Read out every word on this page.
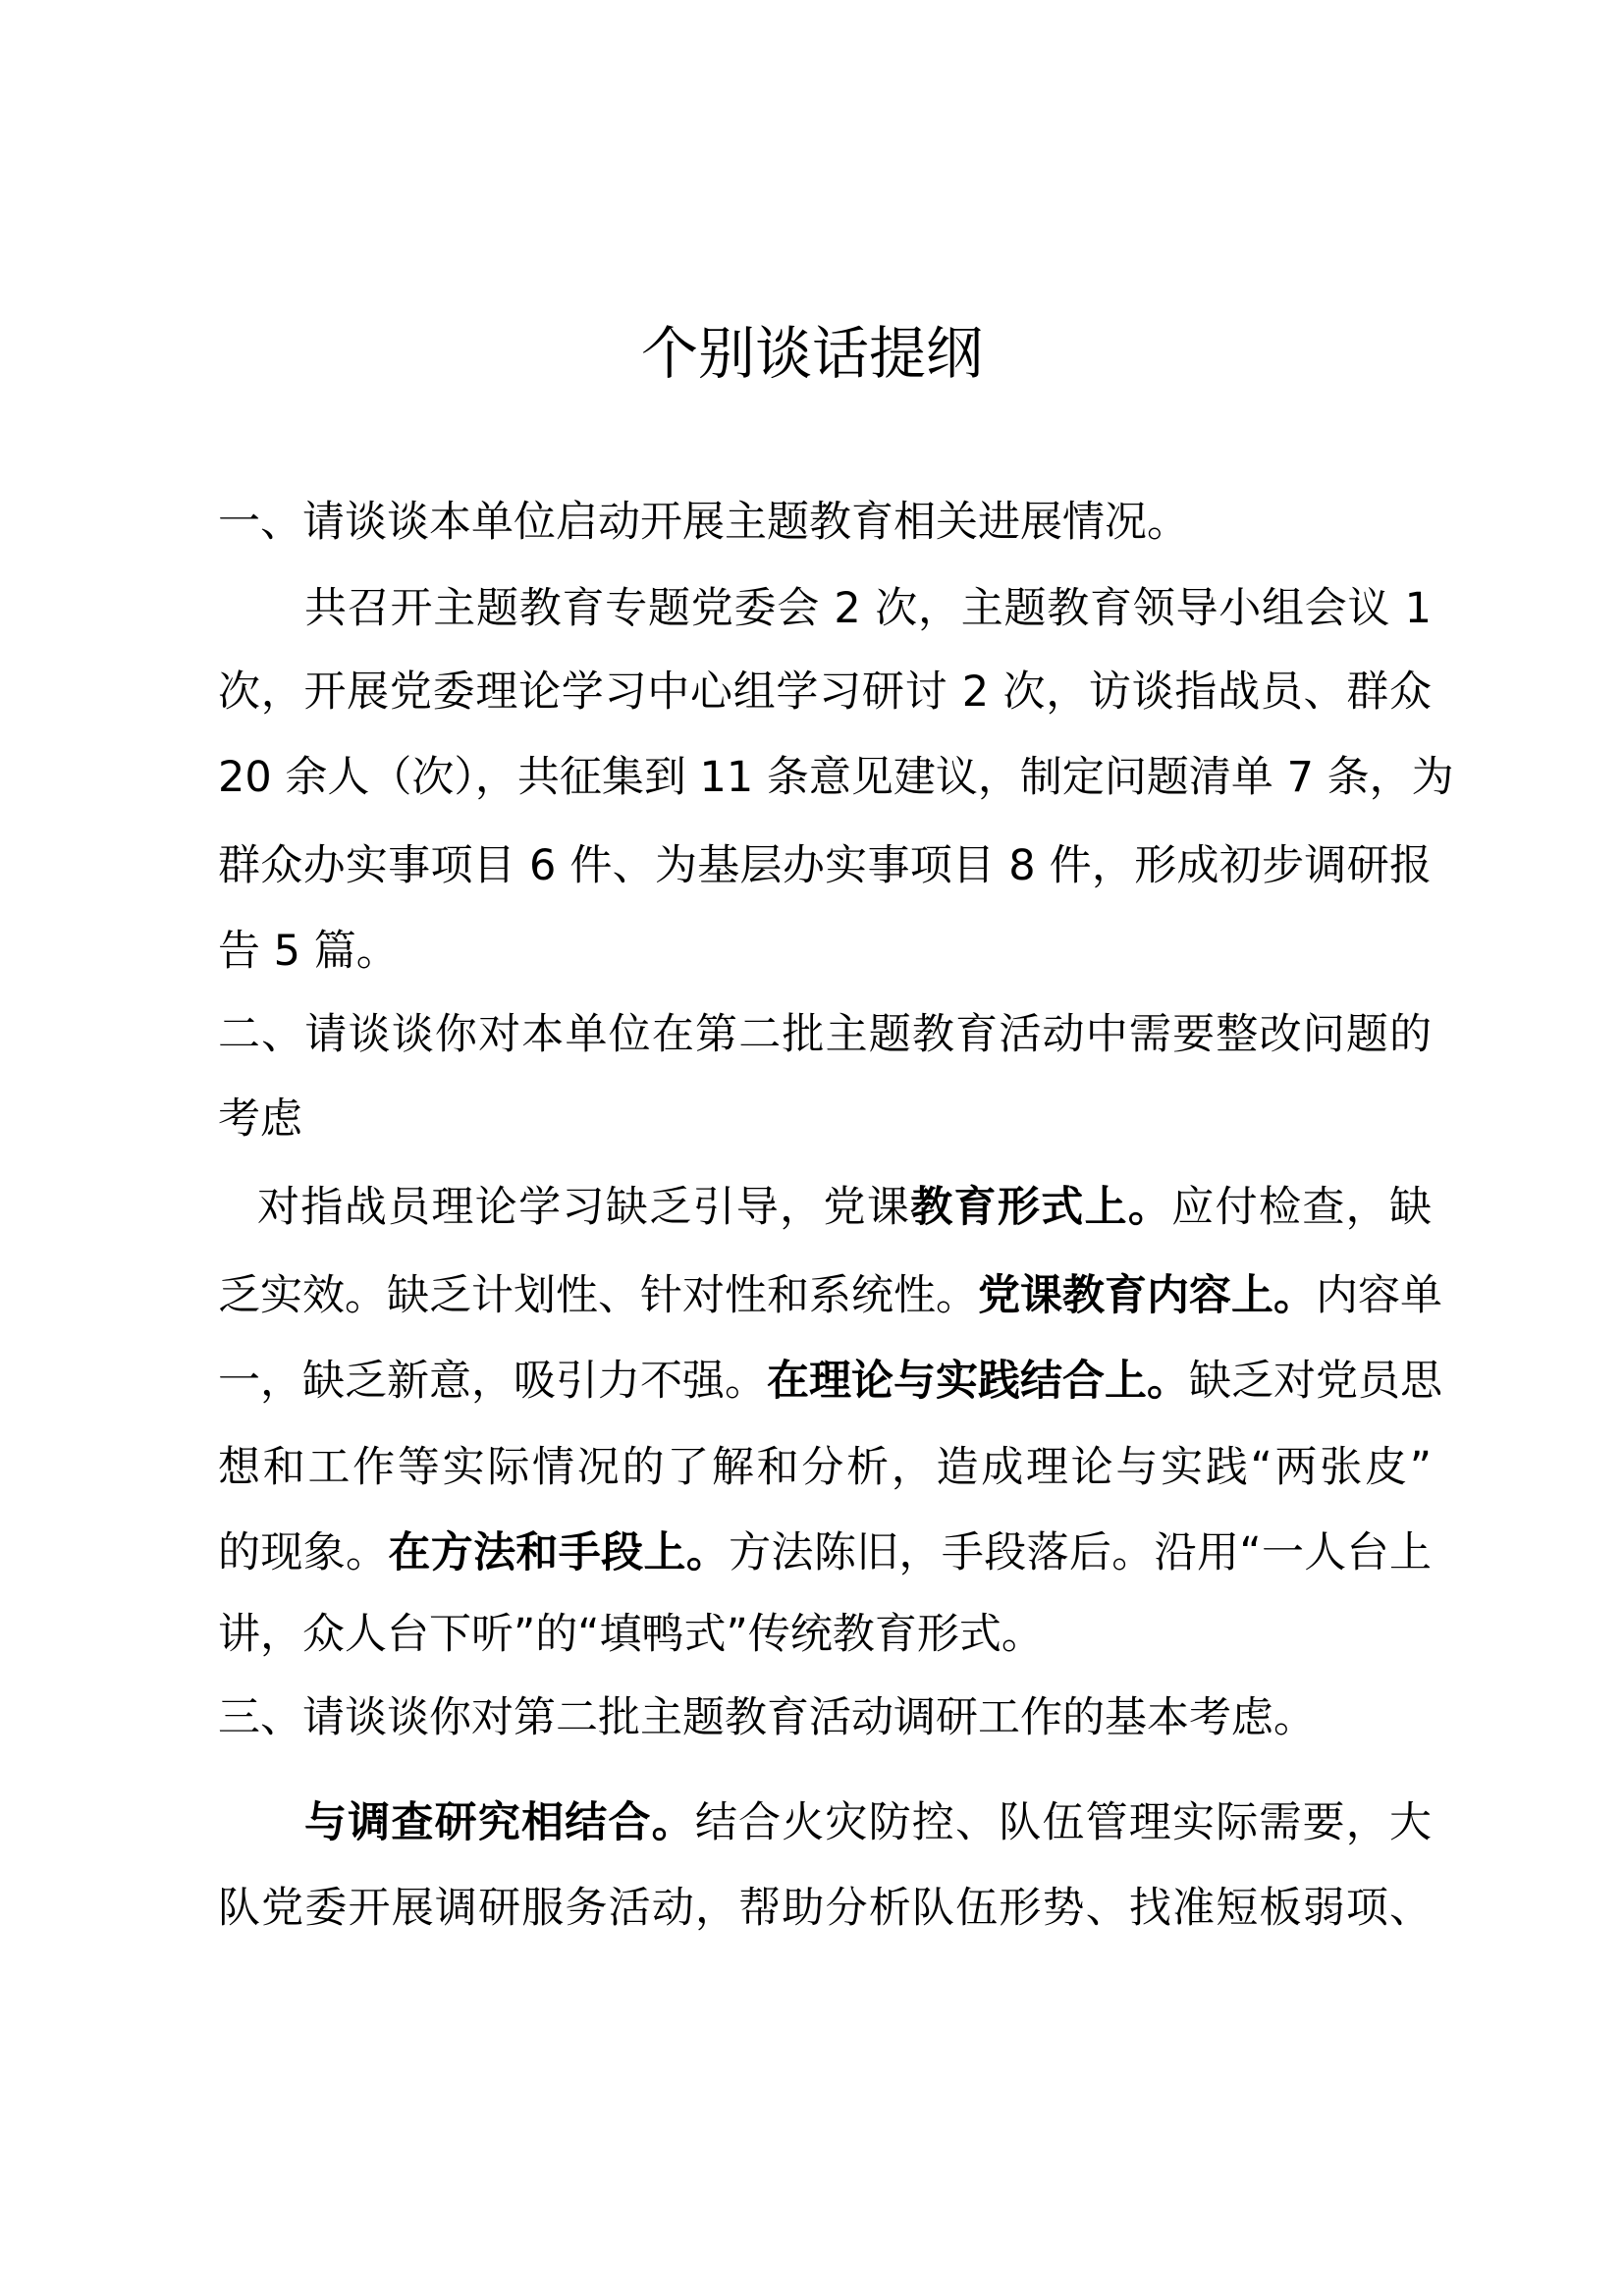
个别谈话提纲
一、请谈谈本单位启动开展主题教育相关进展情况。
共召开主题教育专题党委会 2 次，主题教育领导小组会议 1
次，开展党委理论学习中心组学习研讨 2 次，访谈指战员、群众
20 余人（次），共征集到 11 条意见建议，制定问题清单 7 条，为
群众办实事项目 6 件、为基层办实事项目 8 件，形成初步调研报
告 5 篇。
二、请谈谈你对本单位在第二批主题教育活动中需要整改问题的
考虑
对指战员理论学习缺乏引导，党课教育形式上。应付检查，缺
乏实效。缺乏计划性、针对性和系统性。党课教育内容上。内容单
一，缺乏新意，吸引力不强。在理论与实践结合上。缺乏对党员思
想和工作等实际情况的了解和分析，造成理论与实践“两张皮”
的现象。在方法和手段上。方法陈旧，手段落后。沿用“一人台上
讲，众人台下听”的“填鸭式”传统教育形式。
三、请谈谈你对第二批主题教育活动调研工作的基本考虑。
与调查研究相结合。结合火灾防控、队伍管理实际需要，大
队党委开展调研服务活动，帮助分析队伍形势、找准短板弱项、
